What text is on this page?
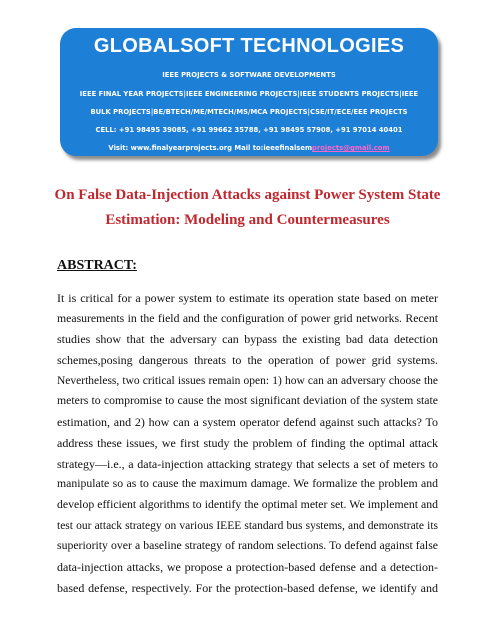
GLOBALSOFT TECHNOLOGIES
IEEE PROJECTS & SOFTWARE DEVELOPMENTS
IEEE FINAL YEAR PROJECTS|IEEE ENGINEERING PROJECTS|IEEE STUDENTS PROJECTS|IEEE
BULK PROJECTS|BE/BTECH/ME/MTECH/MS/MCA PROJECTS|CSE/IT/ECE/EEE PROJECTS
CELL: +91 98495 39085, +91 99662 35788, +91 98495 57908, +91 97014 40401
Visit: www.finalyearprojects.org Mail to:ieeefinalsemprojects@gmail.com
On False Data-Injection Attacks against Power System State
Estimation: Modeling and Countermeasures
ABSTRACT:
It is critical for a power system to estimate its operation state based on meter
measurements in the field and the configuration of power grid networks. Recent
studies show that the adversary can bypass the existing bad data detection
schemes,posing dangerous threats to the operation of power grid systems.
Nevertheless, two critical issues remain open: 1) how can an adversary choose the
meters to compromise to cause the most significant deviation of the system state
estimation, and 2) how can a system operator defend against such attacks? To
address these issues, we first study the problem of finding the optimal attack
strategy—i.e., a data-injection attacking strategy that selects a set of meters to
manipulate so as to cause the maximum damage. We formalize the problem and
develop efficient algorithms to identify the optimal meter set. We implement and
test our attack strategy on various IEEE standard bus systems, and demonstrate its
superiority over a baseline strategy of random selections. To defend against false
data-injection attacks, we propose a protection-based defense and a detection-
based defense, respectively. For the protection-based defense, we identify and
